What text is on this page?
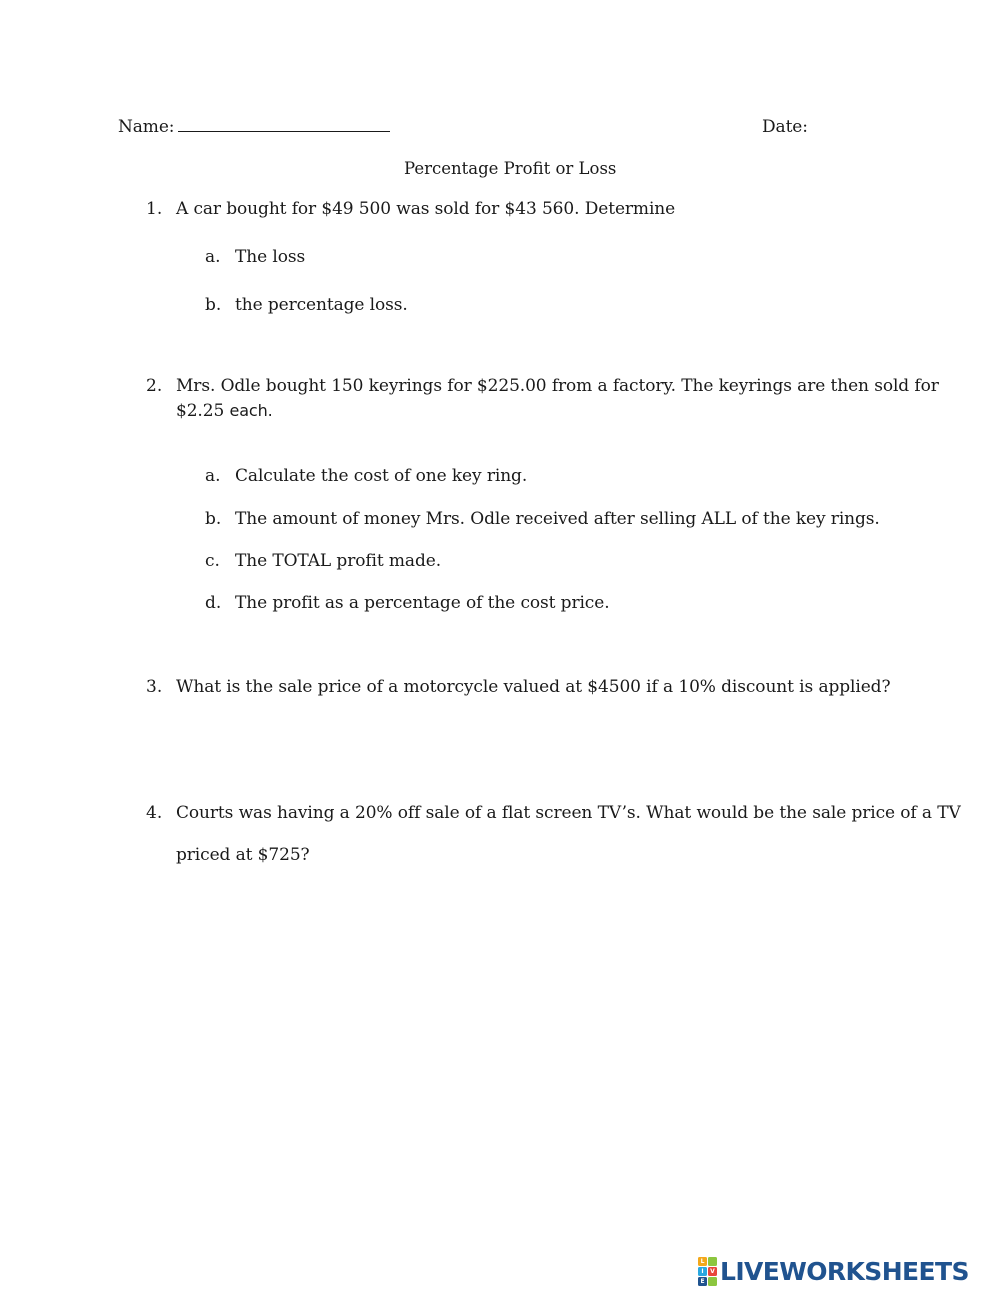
Name:	Date:
Percentage Profit or Loss
1. A car bought for $49 500 was sold for $43 560. Determine
a. The loss
b. the percentage loss.
2. Mrs. Odle bought 150 keyrings for $225.00 from a factory. The keyrings are then sold for
$2.25 each.
a. Calculate the cost of one key ring.
b. The amount of money Mrs. Odle received after selling ALL of the key rings.
c. The TOTAL profit made.
d. The profit as a percentage of the cost price.
3. What is the sale price of a motorcycle valued at $4500 if a 10% discount is applied?
4. Courts was having a 20% off sale of a flat screen TV’s. What would be the sale price of a TV
priced at $725?
L
I	V
E LIVEWORKSHEETS
